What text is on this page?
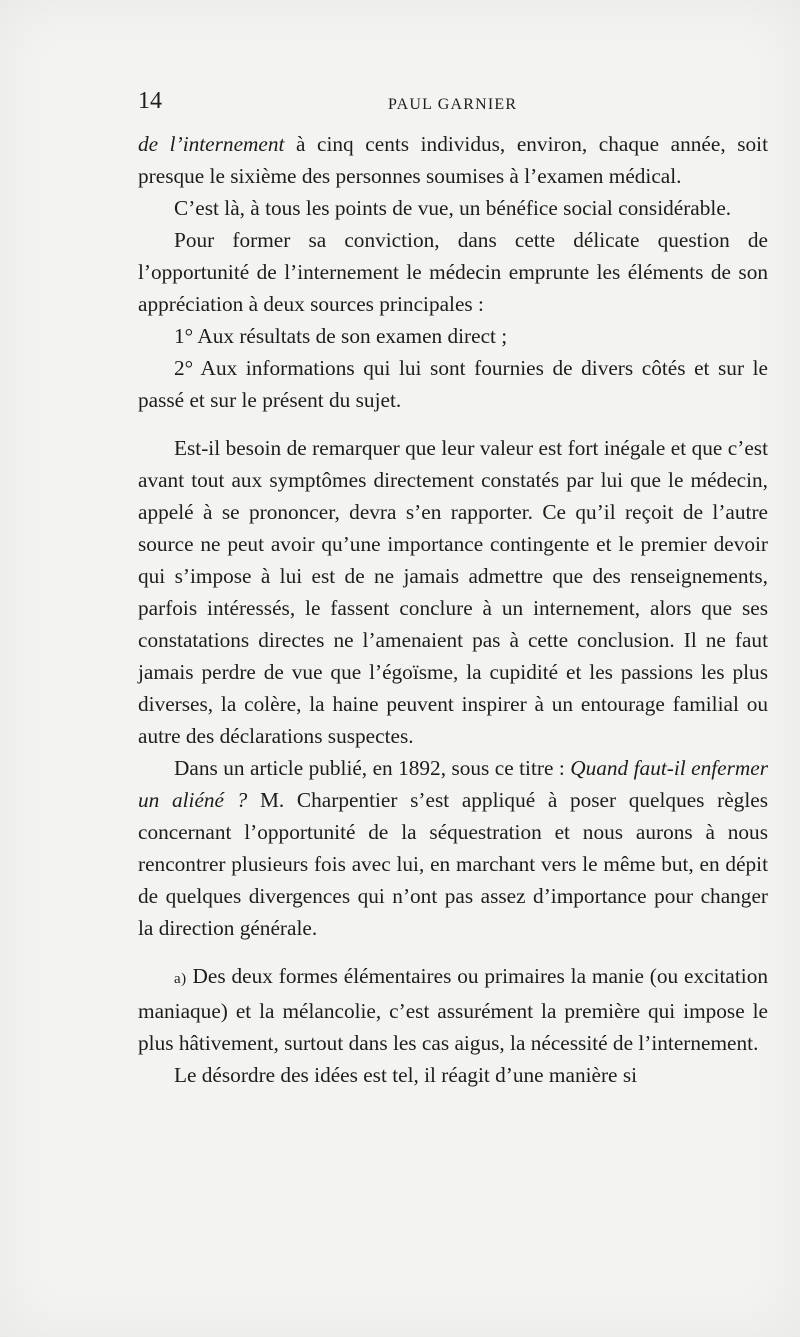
14	PAUL GARNIER

de l’internement à cinq cents individus, environ, chaque année, soit presque le sixième des personnes soumises à l’examen médical.

C’est là, à tous les points de vue, un bénéfice social considérable.

Pour former sa conviction, dans cette délicate question de l’opportunité de l’internement le médecin emprunte les éléments de son appréciation à deux sources principales :

1° Aux résultats de son examen direct ;

2° Aux informations qui lui sont fournies de divers côtés et sur le passé et sur le présent du sujet.

Est-il besoin de remarquer que leur valeur est fort inégale et que c’est avant tout aux symptômes directement constatés par lui que le médecin, appelé à se prononcer, devra s’en rapporter. Ce qu’il reçoit de l’autre source ne peut avoir qu’une importance contingente et le premier devoir qui s’impose à lui est de ne jamais admettre que des renseignements, parfois intéressés, le fassent conclure à un internement, alors que ses constatations directes ne l’amenaient pas à cette conclusion. Il ne faut jamais perdre de vue que l’égoïsme, la cupidité et les passions les plus diverses, la colère, la haine peuvent inspirer à un entourage familial ou autre des déclarations suspectes.

Dans un article publié, en 1892, sous ce titre : Quand faut-il enfermer un aliéné ? M. Charpentier s’est appliqué à poser quelques règles concernant l’opportunité de la séquestration et nous aurons à nous rencontrer plusieurs fois avec lui, en marchant vers le même but, en dépit de quelques divergences qui n’ont pas assez d’importance pour changer la direction générale.

a) Des deux formes élémentaires ou primaires la manie (ou excitation maniaque) et la mélancolie, c’est assurément la première qui impose le plus hâtivement, surtout dans les cas aigus, la nécessité de l’internement.

Le désordre des idées est tel, il réagit d’une manière si
